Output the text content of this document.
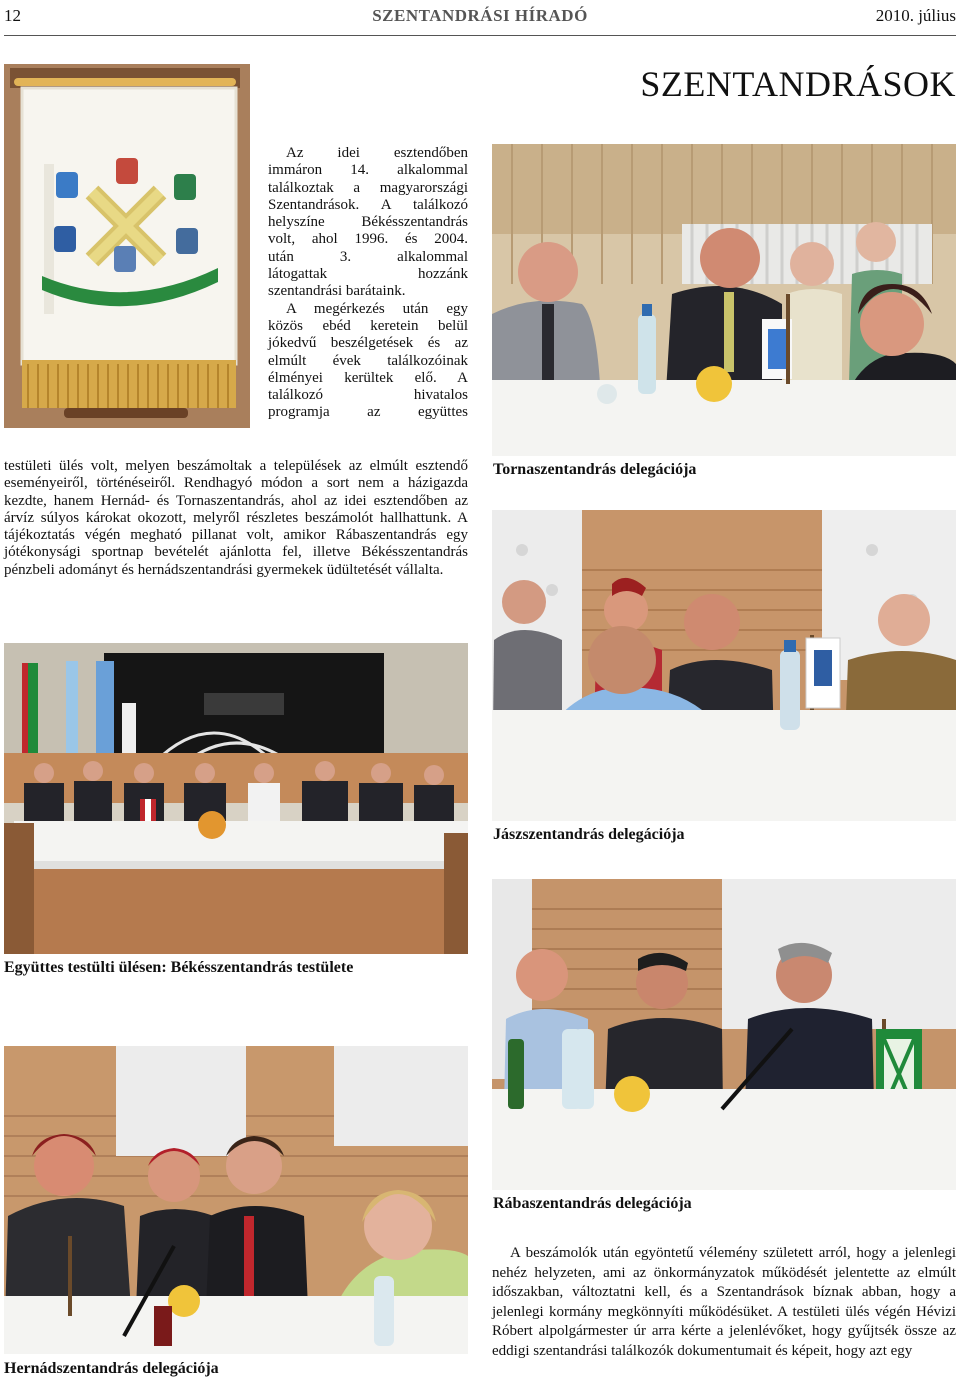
12	SZENTANDRÁSI HÍRADÓ	2010. július
SZENTANDRÁSOK

Az idei esztendőben

immáron 14. alkalommal

találkoztak a magyarországi

Szentandrások. A találkozó

helyszíne Békésszentandrás

volt, ahol 1996. és 2004.

után 3. alkalommal

látogattak hozzánk

szentandrási barátaink.

A megérkezés után egy

közös ebéd keretein belül

jókedvű beszélgetések és az

elmúlt évek találkozóinak

élményei kerültek elő. A

találkozó hivatalos

programja az együttes

testületi ülés volt, melyen beszámoltak a települések az elmúlt esztendő eseményeiről, történéseiről. Rendhagyó módon a sort nem a házigazda kezdte, hanem Hernád- és Tornaszentandrás, ahol az idei esztendőben az árvíz súlyos károkat okozott, melyről részletes beszámolót hallhattunk. A tájékoztatás végén megható pillanat volt, amikor Rábaszentandrás egy jótékonysági sportnap bevételét ajánlotta fel, illetve Békésszentandrás pénzbeli adományt és hernádszentandrási gyermekek üdültetését vállalta.

Tornaszentandrás delegációja
Jászszentandrás delegációja
Együttes testülti ülésen: Békésszentandrás testülete
Rábaszentandrás delegációja
Hernádszentandrás delegációja

A beszámolók után egyöntetű vélemény született arról, hogy a jelenlegi nehéz helyzeten, ami az önkormányzatok működését jelentette az elmúlt időszakban, változtatni kell, és a Szentandrások bíznak abban, hogy a jelenlegi kormány megkönnyíti működésüket. A testületi ülés végén Hévizi Róbert alpolgármester úr arra kérte a jelenlévőket, hogy gyűjtsék össze az eddigi szentandrási találkozók dokumentumait és képeit, hogy azt egy
